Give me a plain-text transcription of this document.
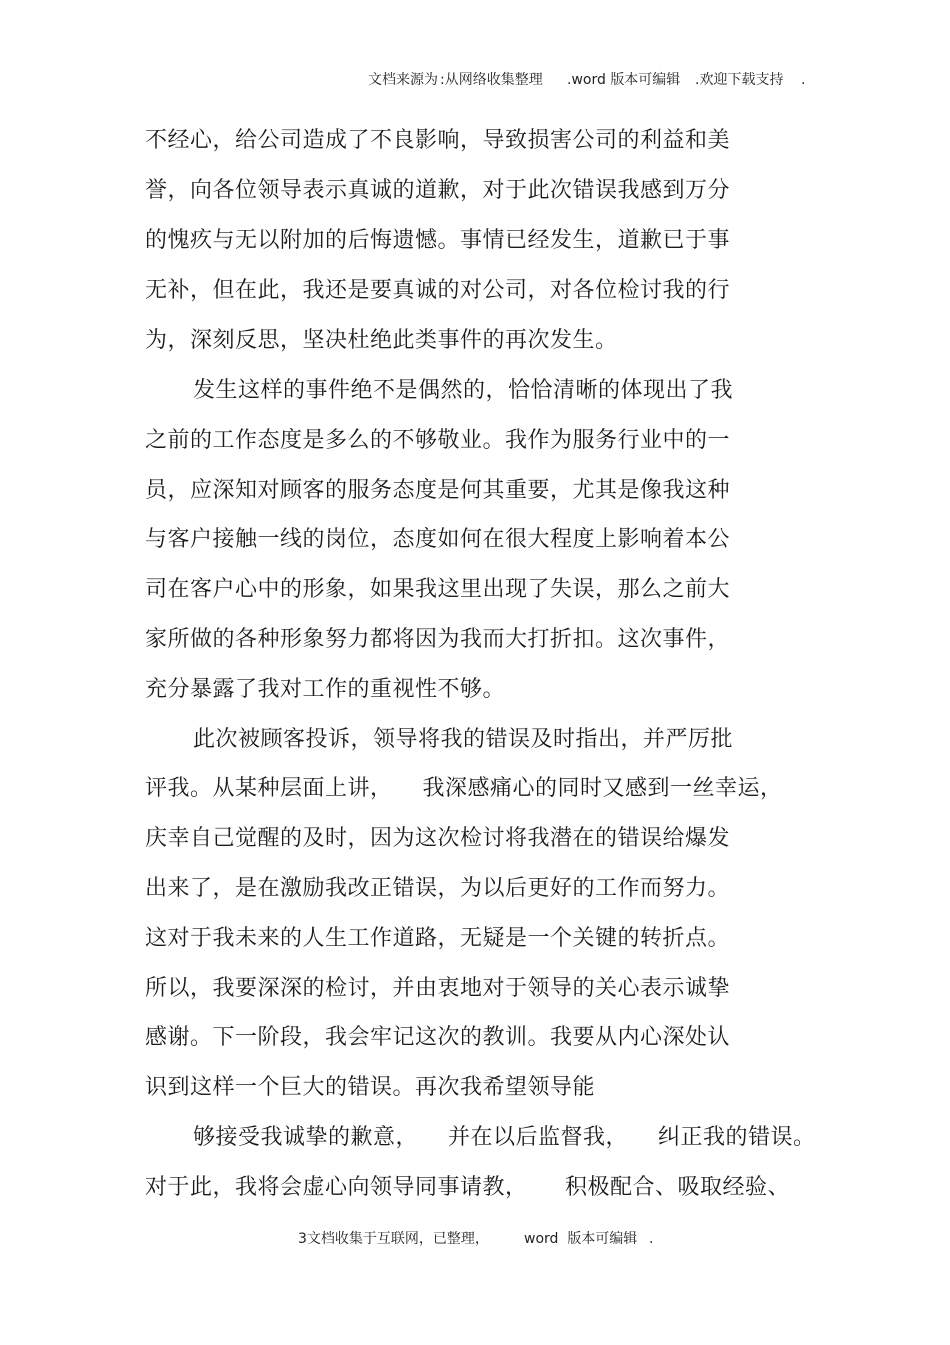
文档来源为 :从网络收集整理 .word 版本可编辑 .欢迎下载支持 .
不经心，给公司造成了不良影响，导致损害公司的利益和美
誉，向各位领导表示真诚的道歉，对于此次错误我感到万分
的愧疚与无以附加的后悔遗憾。事情已经发生，道歉已于事
无补，但在此，我还是要真诚的对公司，对各位检讨我的行
为，深刻反思，坚决杜绝此类事件的再次发生。
发生这样的事件绝不是偶然的，恰恰清晰的体现出了我
之前的工作态度是多么的不够敬业。我作为服务行业中的一
员，应深知对顾客的服务态度是何其重要，尤其是像我这种
与客户接触一线的岗位，态度如何在很大程度上影响着本公
司在客户心中的形象，如果我这里出现了失误，那么之前大
家所做的各种形象努力都将因为我而大打折扣。这次事件，
充分暴露了我对工作的重视性不够。
此次被顾客投诉，领导将我的错误及时指出，并严厉批
评我。从某种层面上讲，    我深感痛心的同时又感到一丝幸运，
庆幸自己觉醒的及时，因为这次检讨将我潜在的错误给爆发
出来了，是在激励我改正错误，为以后更好的工作而努力。
这对于我未来的人生工作道路，无疑是一个关键的转折点。
所以，我要深深的检讨，并由衷地对于领导的关心表示诚挚
感谢。下一阶段，我会牢记这次的教训。我要从内心深处认
识到这样一个巨大的错误。再次我希望领导能
够接受我诚挚的歉意，    并在以后监督我，    纠正我的错误。
对于此，我将会虚心向领导同事请教，     积极配合、吸取经验、
3文档收集于互联网，已整理，	word  版本可编辑 .
